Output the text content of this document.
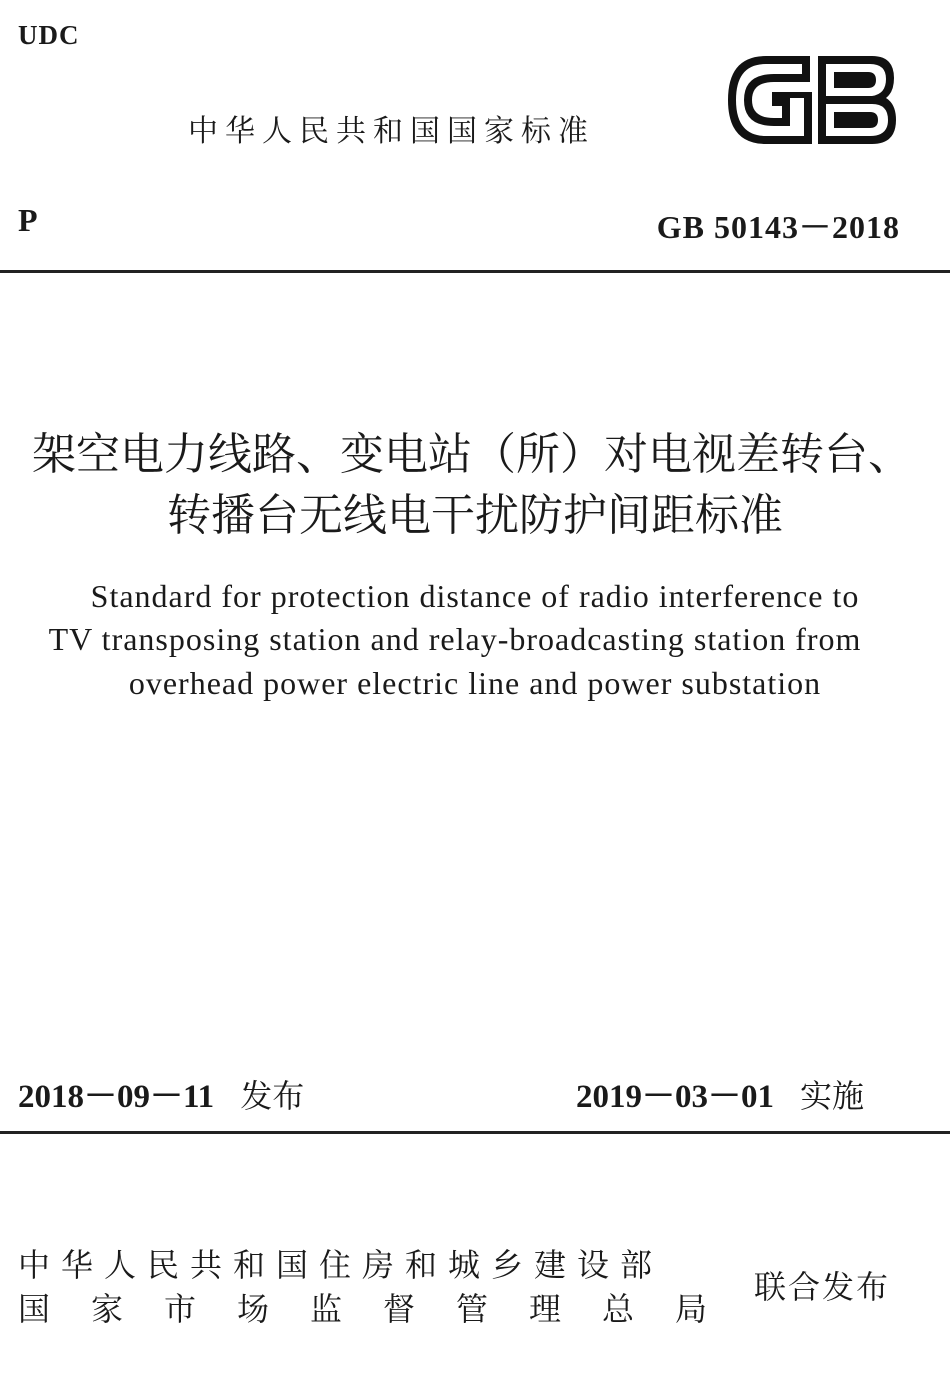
UDC
中华人民共和国国家标准
P	GB 50143－2018
架空电力线路、变电站（所）对电视差转台、
转播台无线电干扰防护间距标准
Standard for protection distance of radio interference to
TV transposing station and relay-broadcasting station from
overhead power electric line and power substation
2018－09－11 发布	2019－03－01 实施
中华人民共和国住房和城乡建设部
国家市场监督管理总局
联合发布
